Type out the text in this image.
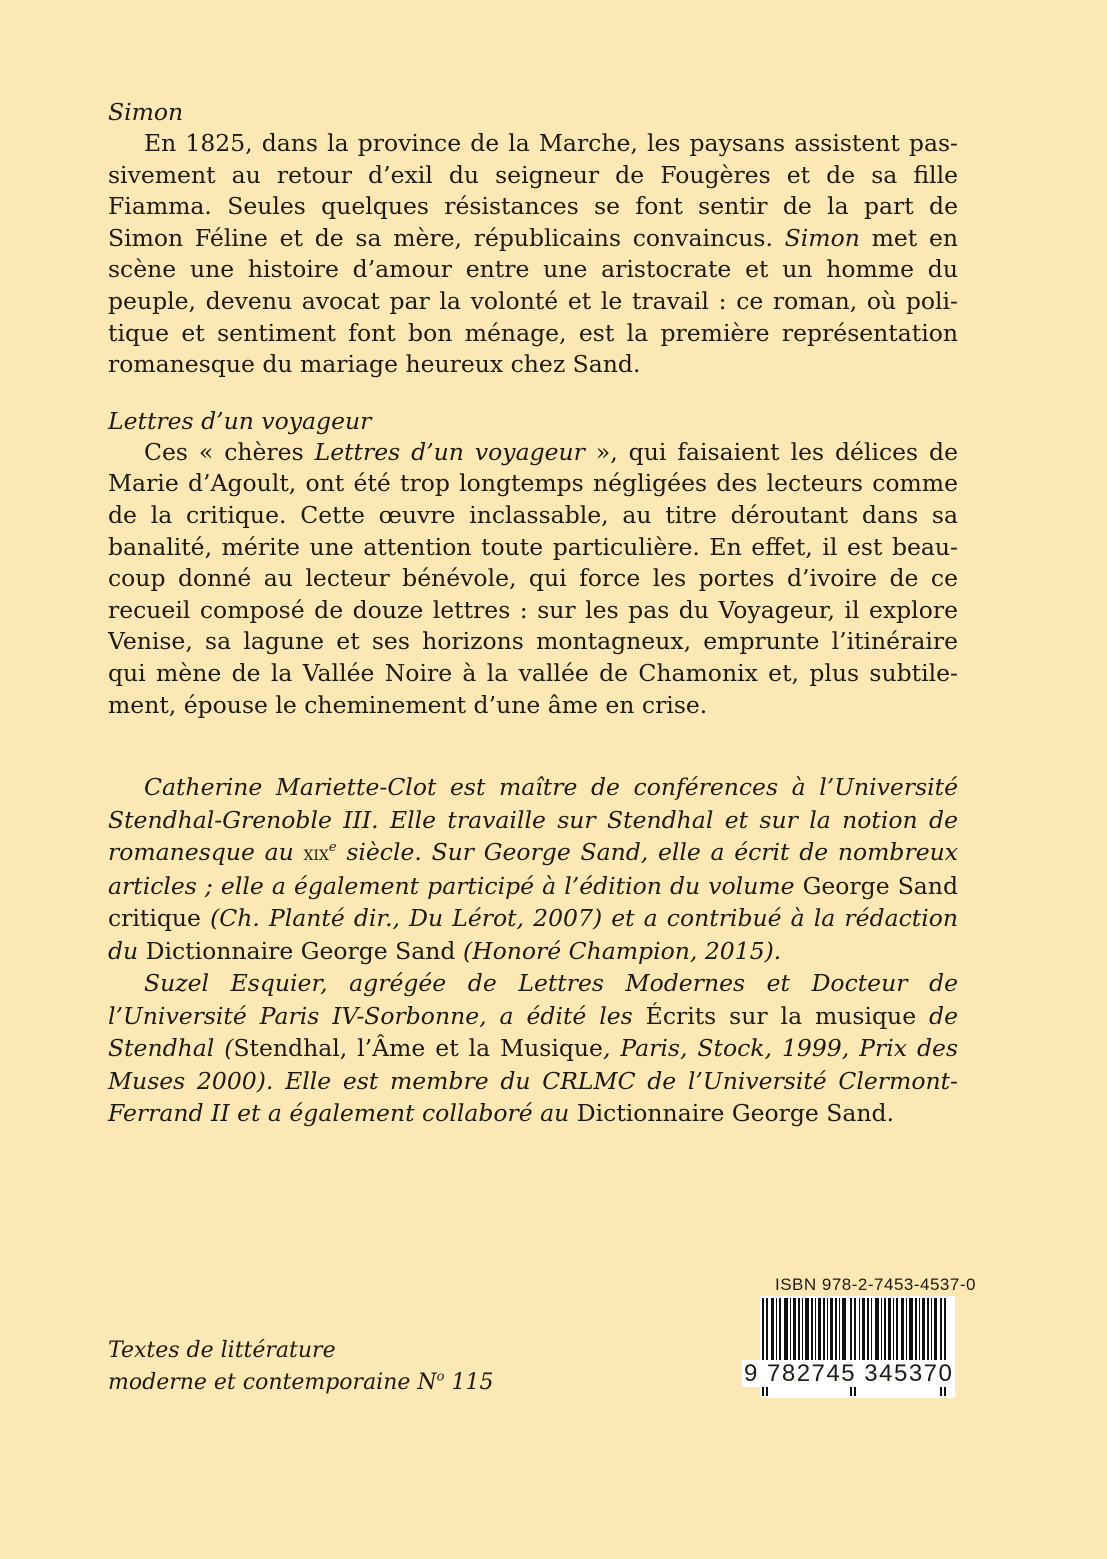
Simon

En 1825, dans la province de la Marche, les paysans assistent passivement au retour d’exil du seigneur de Fougères et de sa fille Fiamma. Seules quelques résistances se font sentir de la part de Simon Féline et de sa mère, républicains convaincus. Simon met en scène une histoire d’amour entre une aristocrate et un homme du peuple, devenu avocat par la volonté et le travail : ce roman, où politique et sentiment font bon ménage, est la première représentation romanesque du mariage heureux chez Sand.

Lettres d’un voyageur

Ces « chères Lettres d’un voyageur », qui faisaient les délices de Marie d’Agoult, ont été trop longtemps négligées des lecteurs comme de la critique. Cette œuvre inclassable, au titre déroutant dans sa banalité, mérite une attention toute particulière. En effet, il est beaucoup donné au lecteur bénévole, qui force les portes d’ivoire de ce recueil composé de douze lettres : sur les pas du Voyageur, il explore Venise, sa lagune et ses horizons montagneux, emprunte l’itinéraire qui mène de la Vallée Noire à la vallée de Chamonix et, plus subtilement, épouse le cheminement d’une âme en crise.

Catherine Mariette-Clot est maître de conférences à l’Université Stendhal-Grenoble III. Elle travaille sur Stendhal et sur la notion de romanesque au xix$^e$ siècle. Sur George Sand, elle a écrit de nombreux articles ; elle a également participé à l’édition du volume George Sand critique (Ch. Planté dir., Du Lérot, 2007) et a contribué à la rédaction du Dictionnaire George Sand (Honoré Champion, 2015).

Suzel Esquier, agrégée de Lettres Modernes et Docteur de l’Université Paris IV-Sorbonne, a édité les Écrits sur la musique de Stendhal (Stendhal, l’Âme et la Musique, Paris, Stock, 1999, Prix des Muses 2000). Elle est membre du CRLMC de l’Université Clermont-Ferrand II et a également collaboré au Dictionnaire George Sand.

Textes de littérature
moderne et contemporaine $N^o$ 115
ISBN 978-2-7453-4537-0
9 782745 345370
